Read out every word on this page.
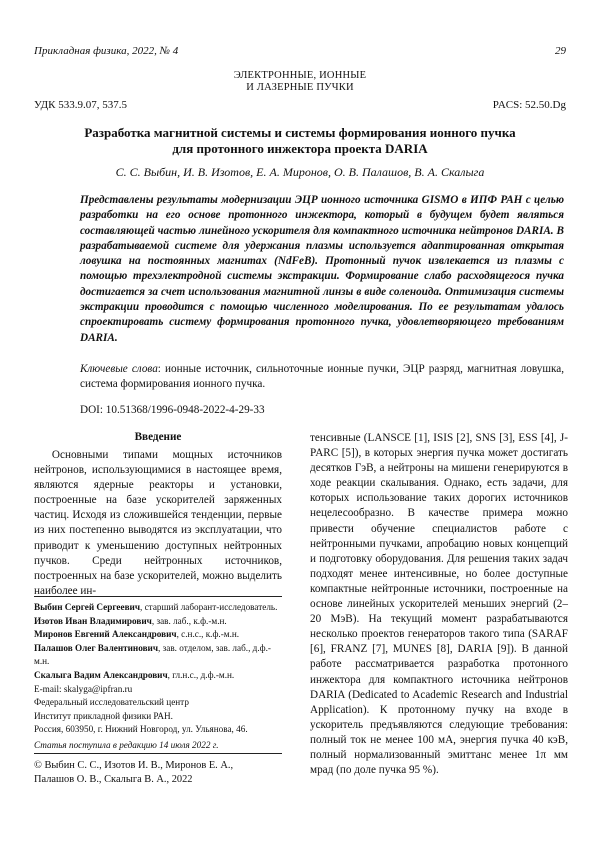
Прикладная физика, 2022, № 4	29
ЭЛЕКТРОННЫЕ, ИОННЫЕ
И ЛАЗЕРНЫЕ ПУЧКИ
УДК 533.9.07, 537.5	PACS: 52.50.Dg
Разработка магнитной системы и системы формирования ионного пучка
для протонного инжектора проекта DARIA
С. С. Выбин, И. В. Изотов, Е. А. Миронов, О. В. Палашов, В. А. Скалыга
Представлены результаты модернизации ЭЦР ионного источника GISMO в ИПФ РАН с целью разработки на его основе протонного инжектора, который в будущем будет являться составляющей частью линейного ускорителя для компактного источника нейтронов DARIA. В разрабатываемой системе для удержания плазмы используется адаптированная открытая ловушка на постоянных магнитах (NdFeB). Протонный пучок извлекается из плазмы с помощью трехэлектродной системы экстракции. Формирование слабо расходящегося пучка достигается за счет использования магнитной линзы в виде соленоида. Оптимизация системы экстракции проводится с помощью численного моделирования. По ее результатам удалось спроектировать систему формирования протонного пучка, удовлетворяющего требованиям DARIA.
Ключевые слова: ионные источник, сильноточные ионные пучки, ЭЦР разряд, магнитная ловушка, система формирования ионного пучка.
DOI: 10.51368/1996-0948-2022-4-29-33
Введение

Основными типами мощных источников нейтронов, использующимися в настоящее время, являются ядерные реакторы и установки, построенные на базе ускорителей заряженных частиц. Исходя из сложившейся тенденции, первые из них постепенно выводятся из эксплуатации, что приводит к уменьшению доступных нейтронных пучков. Среди нейтронных источников, построенных на базе ускорителей, можно выделить наиболее ин-

Выбин Сергей Сергеевич, старший лаборант-исследователь.
Изотов Иван Владимирович, зав. лаб., к.ф.-м.н.
Миронов Евгений Александрович, с.н.с., к.ф.-м.н.
Палашов Олег Валентинович, зав. отделом, зав. лаб., д.ф.-м.н.
Скалыга Вадим Александрович, гл.н.с., д.ф.-м.н.
E-mail: skalyga@ipfran.ru
Федеральный исследовательский центр
Институт прикладной физики РАН.
Россия, 603950, г. Нижний Новгород, ул. Ульянова, 46.
Статья поступила в редакцию 14 июля 2022 г.
© Выбин С. С., Изотов И. В., Миронов Е. А.,
Палашов О. В., Скалыга В. А., 2022
тенсивные (LANSCE [1], ISIS [2], SNS [3], ESS [4], J-PARC [5]), в которых энергия пучка может достигать десятков ГэВ, а нейтроны на мишени генерируются в ходе реакции скалывания. Однако, есть задачи, для которых использование таких дорогих источников нецелесообразно. В качестве примера можно привести обучение специалистов работе с нейтронными пучками, апробацию новых концепций и подготовку оборудования. Для решения таких задач подходят менее интенсивные, но более доступные компактные нейтронные источники, построенные на основе линейных ускорителей меньших энергий (2–20 МэВ). На текущий момент разрабатываются несколько проектов генераторов такого типа (SARAF [6], FRANZ [7], MUNES [8], DARIA [9]). В данной работе рассматривается разработка протонного инжектора для компактного источника нейтронов DARIA (Dedicated to Academic Research and Industrial Application). К протонному пучку на входе в ускоритель предъявляются следующие требования: полный ток не менее 100 мА, энергия пучка 40 кэВ, полный нормализованный эмиттанс менее 1π мм мрад (по доле пучка 95 %).
